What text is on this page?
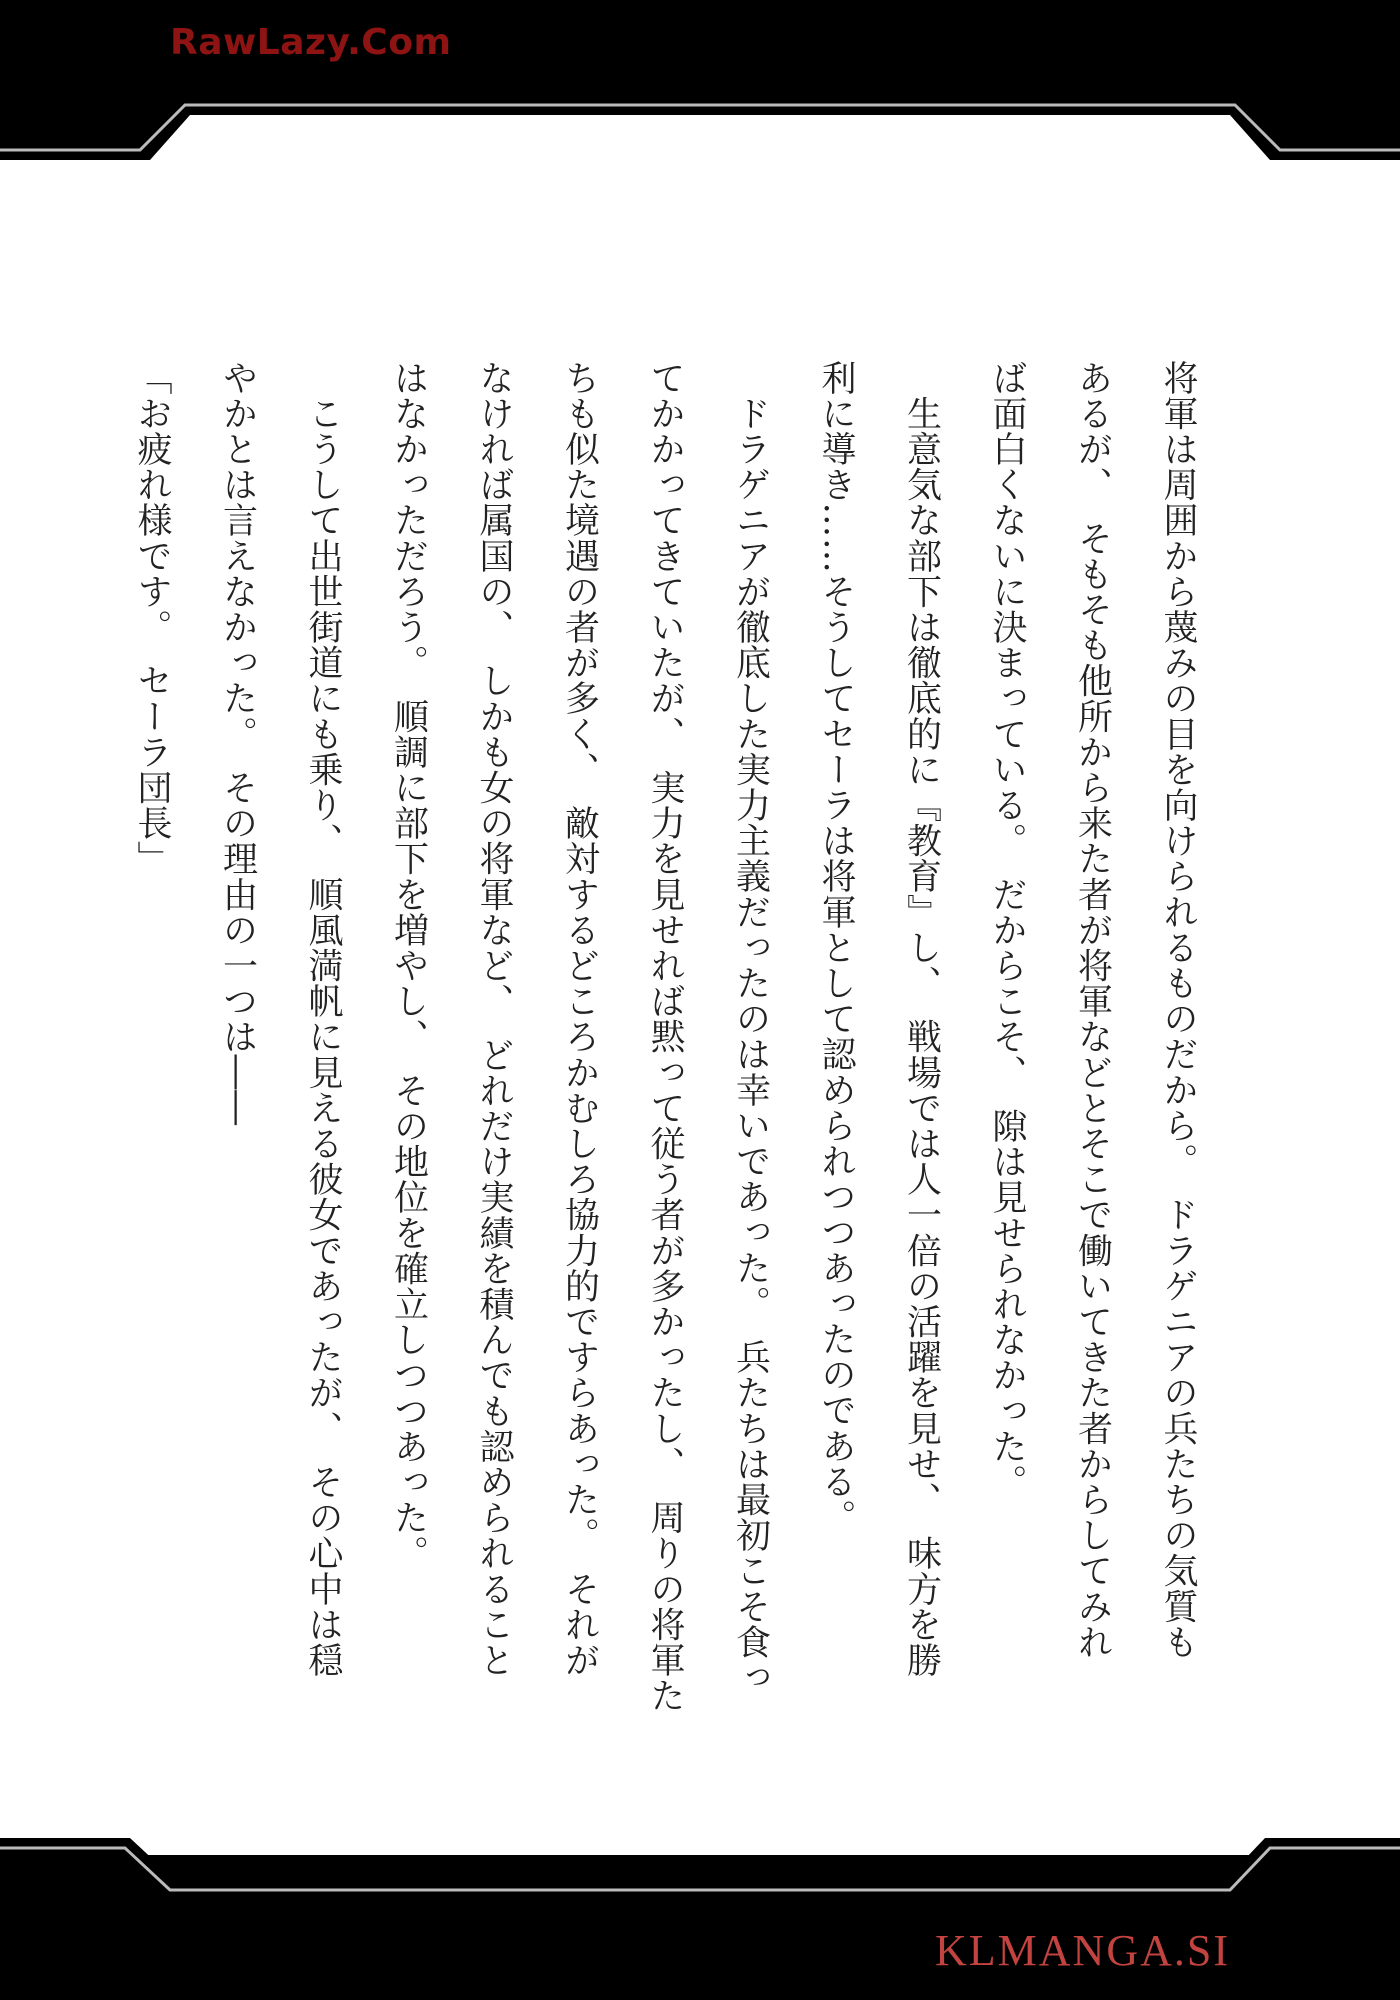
RawLazy.Com
KLMANGA.SI
将軍は周囲から蔑みの目を向けられるものだから。　ドラゲニアの兵たちの気質も
あるが、　そもそも他所から来た者が将軍などとそこで働いてきた者からしてみれ
ば面白くないに決まっている。　だからこそ、　隙は見せられなかった。
　生意気な部下は徹底的に『教育』し、　戦場では人一倍の活躍を見せ、　味方を勝
利に導き……そうしてセーラは将軍として認められつつあったのである。
　ドラゲニアが徹底した実力主義だったのは幸いであった。　兵たちは最初こそ食っ
てかかってきていたが、　実力を見せれば黙って従う者が多かったし、　周りの将軍た
ちも似た境遇の者が多く、　敵対するどころかむしろ協力的ですらあった。　それが
なければ属国の、　しかも女の将軍など、　どれだけ実績を積んでも認められること
はなかっただろう。　順調に部下を増やし、　その地位を確立しつつあった。
　こうして出世街道にも乗り、　順風満帆に見える彼女であったが、　その心中は穏
やかとは言えなかった。　その理由の一つは――
「お疲れ様です。　セーラ団長」
